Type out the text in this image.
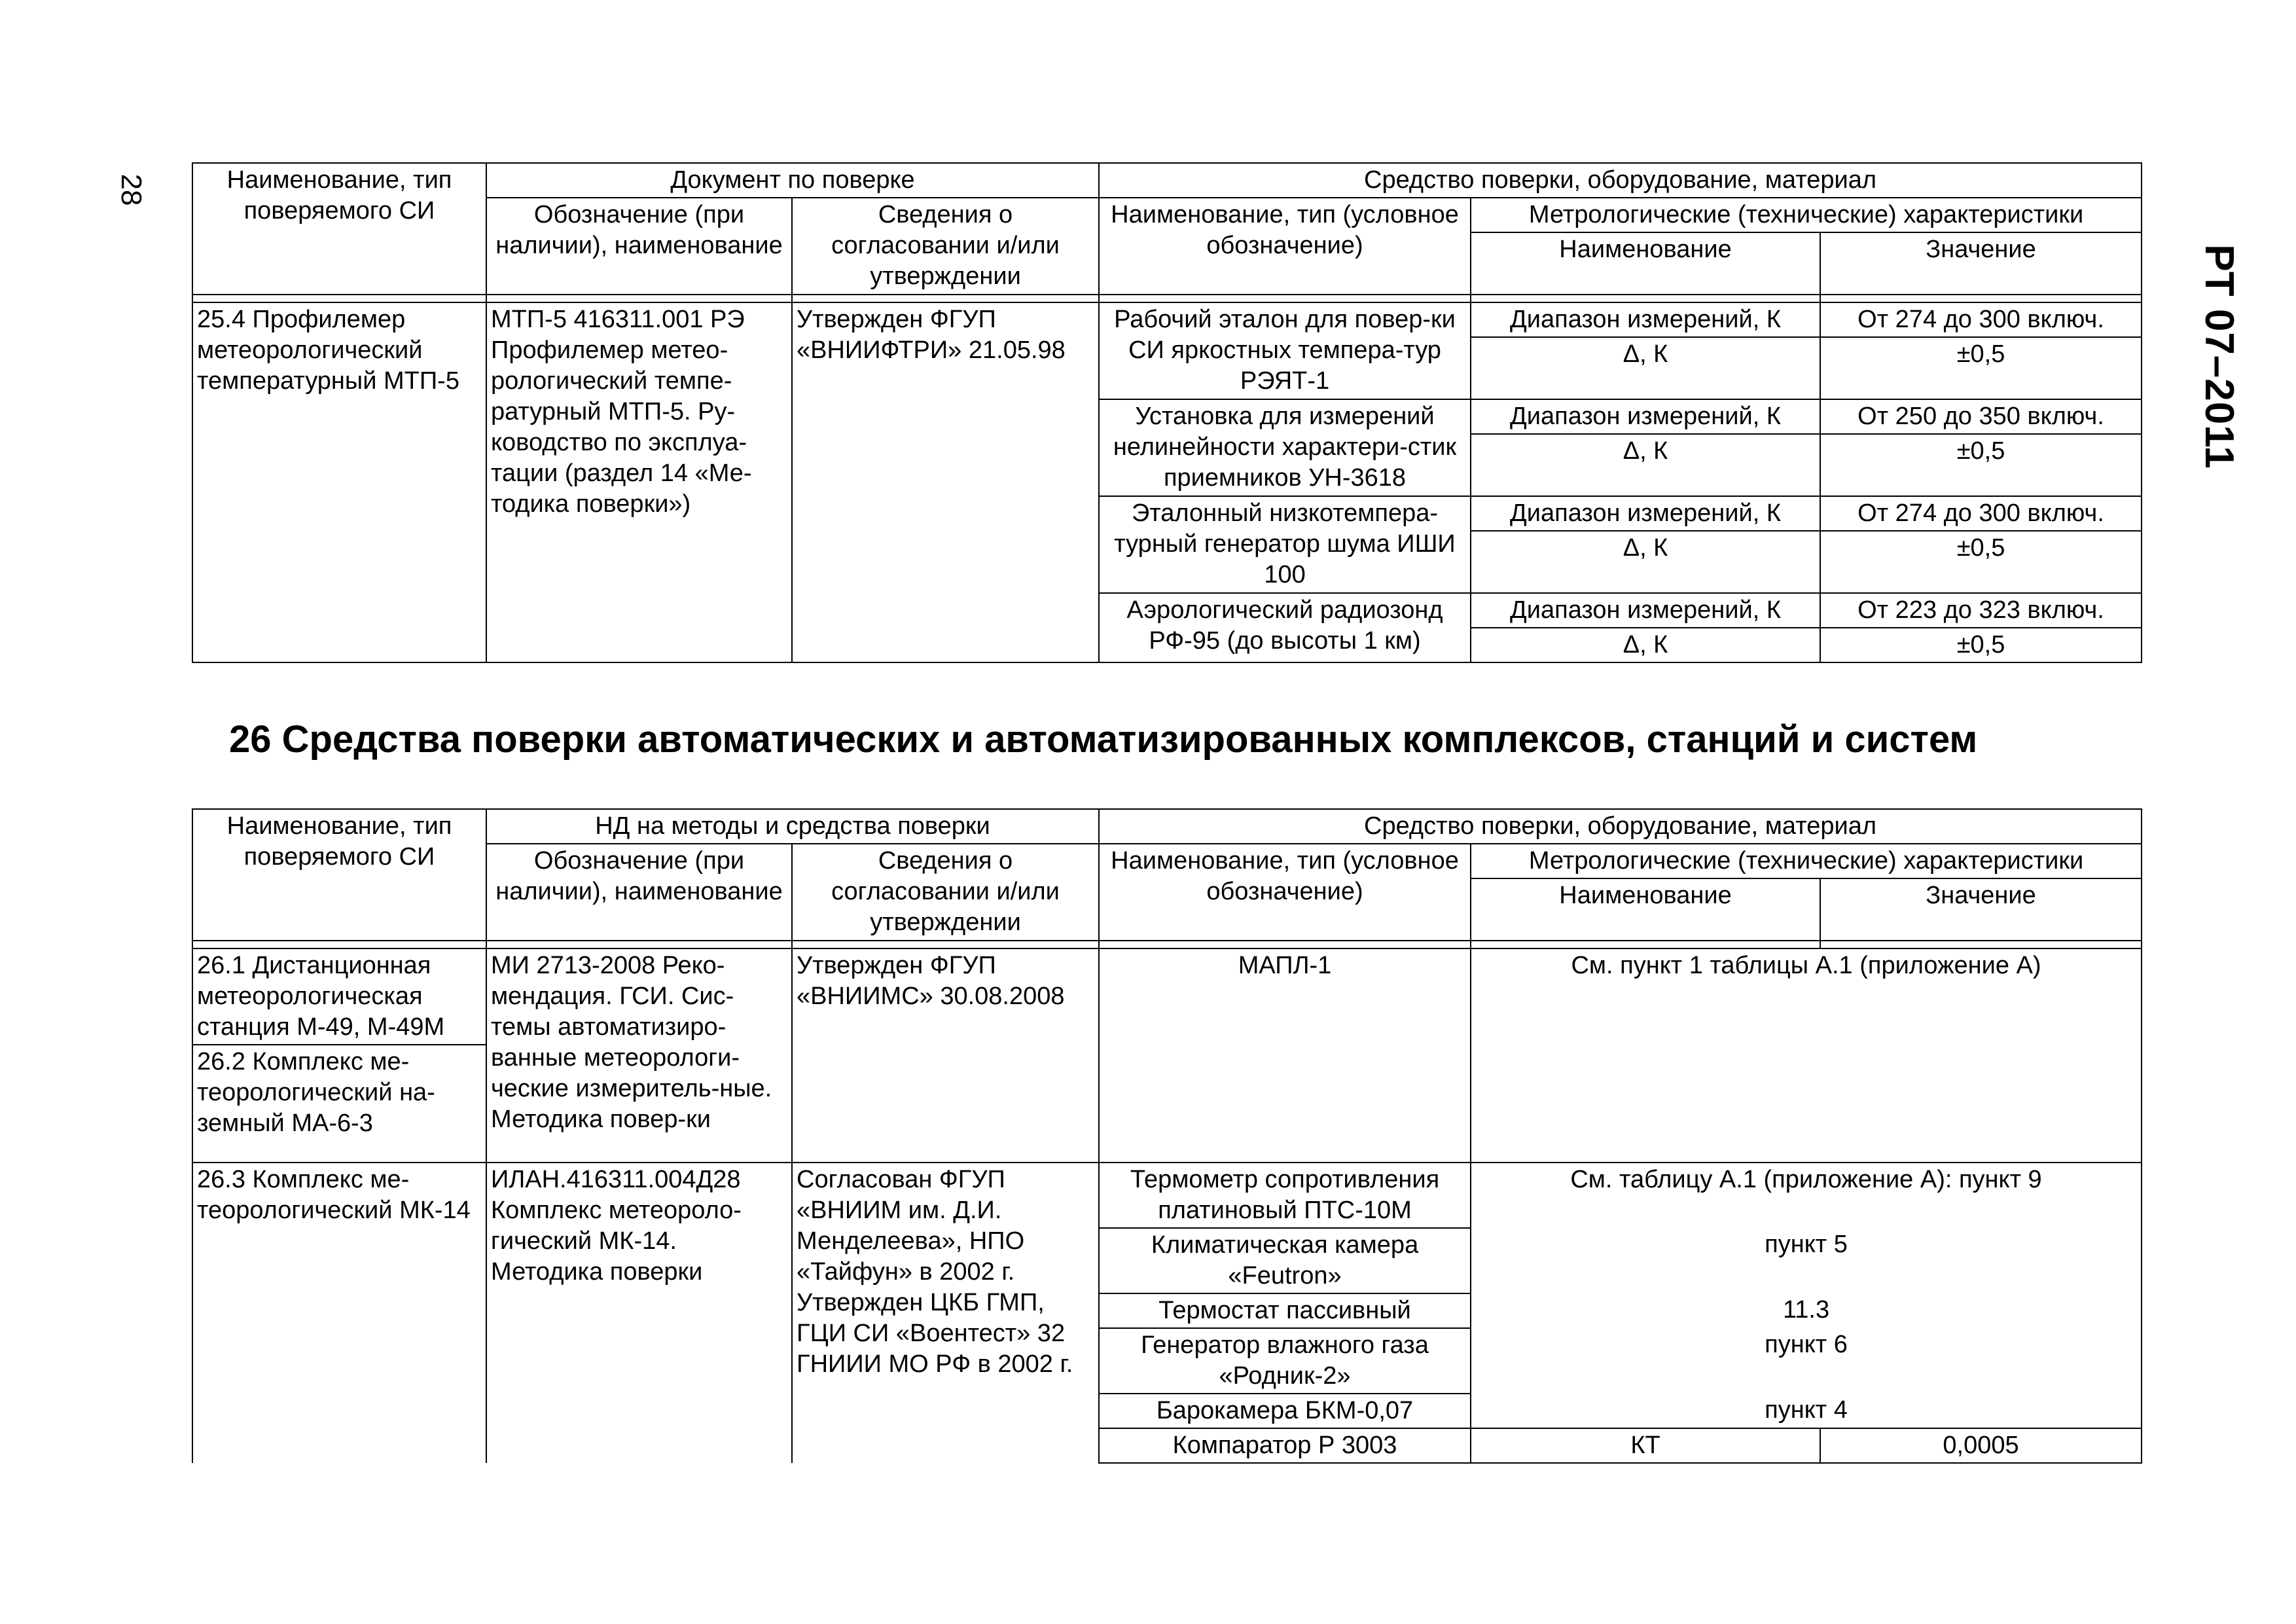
28
РТ 07–2011
Наименование, тип поверяемого СИ	Документ по поверке		Средство поверки, оборудование, материал		
	Обозначение (при наличии), наименование	Сведения о согласовании и/или утверждении	Наименование, тип (условное обозначение)	Метрологические (технические) характеристики	
				Наименование	Значение

25.4 Профилемер метеорологический температурный МТП-5	МТП-5 416311.001 РЭ Профилемер метео-рологический темпе-ратурный МТП-5. Ру-ководство по эксплуа-тации (раздел 14 «Ме-тодика поверки»)	Утвержден ФГУП «ВНИИФТРИ» 21.05.98	Рабочий эталон для повер-ки СИ яркостных темпера-тур РЭЯТ-1	Диапазон измерений, К	От 274 до 300 включ.
				Δ, К	±0,5
			Установка для измерений нелинейности характери-стик приемников УН-3618	Диапазон измерений, К	От 250 до 350 включ.
				Δ, К	±0,5
			Эталонный низкотемпера-турный генератор шума ИШИ 100	Диапазон измерений, К	От 274 до 300 включ.
				Δ, К	±0,5
			Аэрологический радиозонд РФ-95 (до высоты 1 км)	Диапазон измерений, К	От 223 до 323 включ.
				Δ, К	±0,5
26 Средства поверки автоматических и автоматизированных комплексов, станций и систем
Наименование, тип поверяемого СИ	НД на методы и средства поверки		Средство поверки, оборудование, материал		
	Обозначение (при наличии), наименование	Сведения о согласовании и/или утверждении	Наименование, тип (условное обозначение)	Метрологические (технические) характеристики	
				Наименование	Значение

26.1 Дистанционная метеорологическая станция М-49, М-49М	МИ 2713-2008 Реко-мендация. ГСИ. Сис-темы автоматизиро-ванные метеорологи-ческие измеритель-ные. Методика повер-ки	Утвержден ФГУП «ВНИИМС» 30.08.2008	МАПЛ-1	См. пункт 1 таблицы А.1 (приложение А)	
26.2 Комплекс ме-теорологический на-земный МА-6-3					
26.3 Комплекс ме-теорологический МК-14	ИЛАН.416311.004Д28 Комплекс метеороло-гический МК-14. Методика поверки	Согласован ФГУП «ВНИИМ им. Д.И. Менделеева», НПО «Тайфун» в 2002 г. Утвержден ЦКБ ГМП, ГЦИ СИ «Воентест» 32 ГНИИИ МО РФ в 2002 г.	Термометр сопротивления платиновый ПТС-10М	См. таблицу А.1 (приложение А): пункт 9	
			Климатическая камера «Feutron»	пункт 5	
			Термостат пассивный	11.3	
			Генератор влажного газа «Родник-2»	пункт 6	
			Барокамера БКМ-0,07	пункт 4	
			Компаратор Р 3003	КТ	0,0005
